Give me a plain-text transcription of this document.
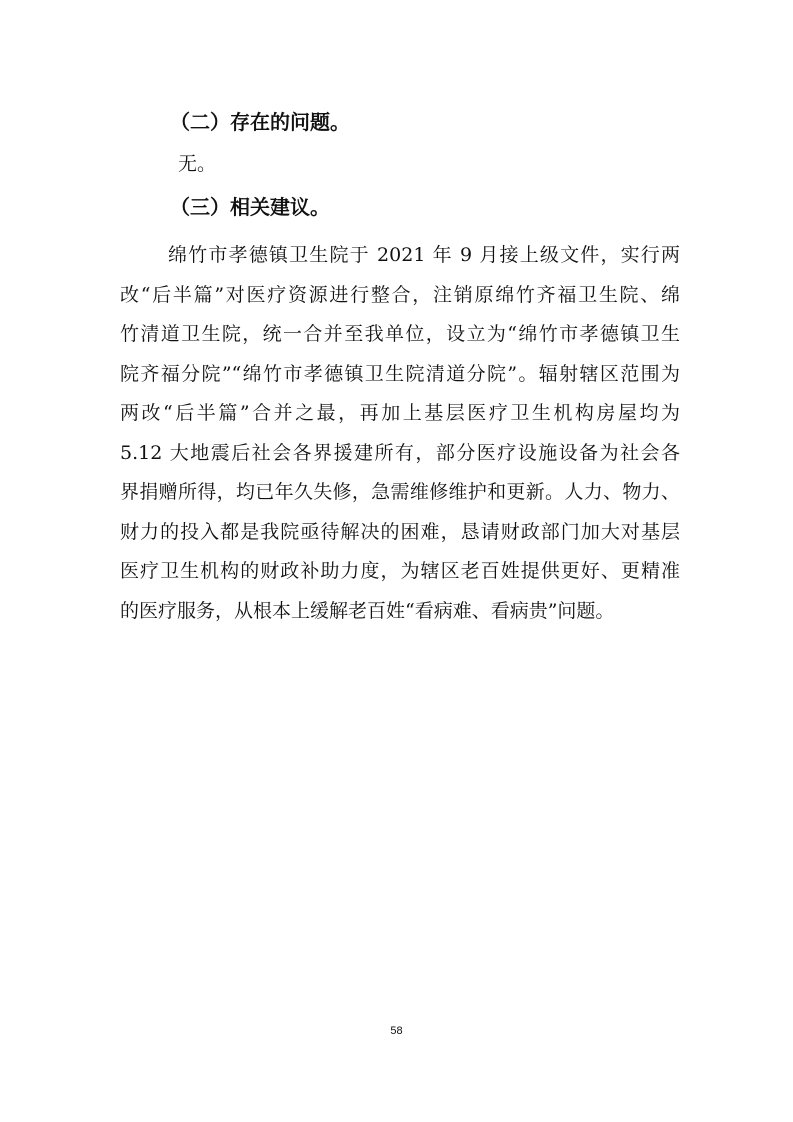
（二）存在的问题。
无。
（三）相关建议。
绵竹市孝德镇卫生院于 2021 年 9 月接上级文件，实行两
改“后半篇”对医疗资源进行整合，注销原绵竹齐福卫生院、绵
竹清道卫生院，统一合并至我单位，设立为“绵竹市孝德镇卫生
院齐福分院”“绵竹市孝德镇卫生院清道分院”。辐射辖区范围为
两改“后半篇”合并之最，再加上基层医疗卫生机构房屋均为
5.12 大地震后社会各界援建所有，部分医疗设施设备为社会各
界捐赠所得，均已年久失修，急需维修维护和更新。人力、物力、
财力的投入都是我院亟待解决的困难，恳请财政部门加大对基层
医疗卫生机构的财政补助力度，为辖区老百姓提供更好、更精准
的医疗服务，从根本上缓解老百姓“看病难、看病贵”问题。
58
